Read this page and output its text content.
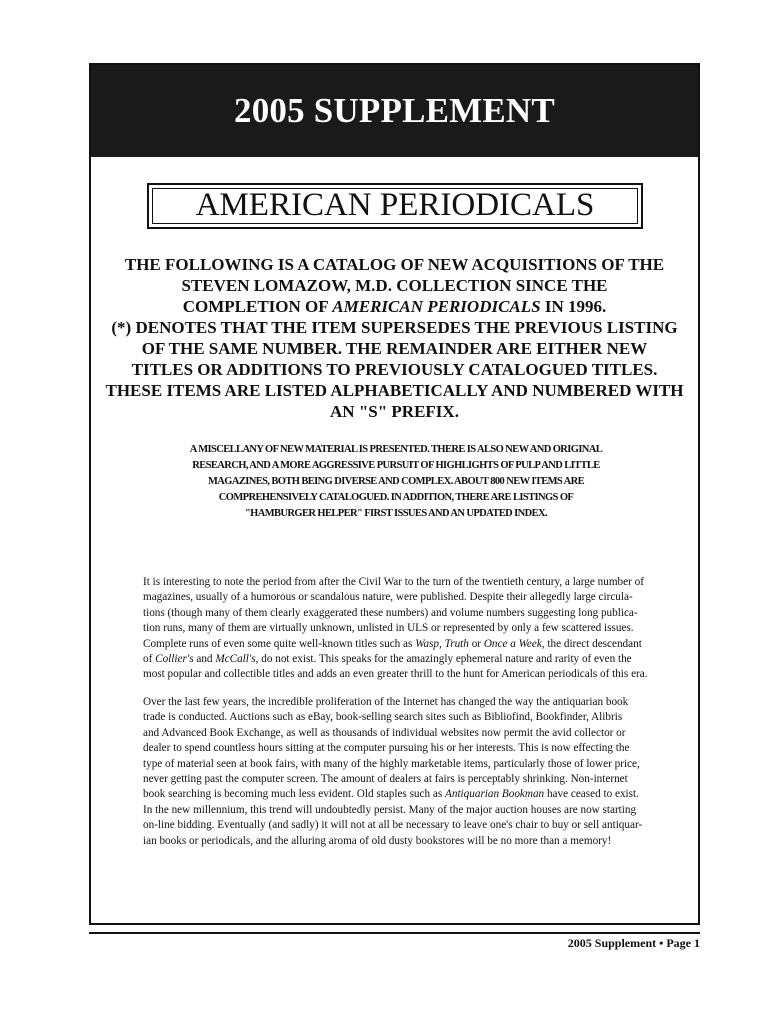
2005 SUPPLEMENT
AMERICAN PERIODICALS

THE FOLLOWING IS A CATALOG OF NEW ACQUISITIONS OF THE

STEVEN LOMAZOW, M.D. COLLECTION SINCE THE

COMPLETION OF AMERICAN PERIODICALS IN 1996.

(*) DENOTES THAT THE ITEM SUPERSEDES THE PREVIOUS LISTING

OF THE SAME NUMBER. THE REMAINDER ARE EITHER NEW

TITLES OR ADDITIONS TO PREVIOUSLY CATALOGUED TITLES.

THESE ITEMS ARE LISTED ALPHABETICALLY AND NUMBERED WITH

AN "S" PREFIX.

A MISCELLANY OF NEW MATERIAL IS PRESENTED. THERE IS ALSO NEW AND ORIGINAL
RESEARCH, AND A MORE AGGRESSIVE PURSUIT OF HIGHLIGHTS OF PULP AND LITTLE
MAGAZINES, BOTH BEING DIVERSE AND COMPLEX. ABOUT 800 NEW ITEMS ARE
COMPREHENSIVELY CATALOGUED. IN ADDITION, THERE ARE LISTINGS OF
"HAMBURGER HELPER" FIRST ISSUES AND AN UPDATED INDEX.
It is interesting to note the period from after the Civil War to the turn of the twentieth century, a large number of
magazines, usually of a humorous or scandalous nature, were published. Despite their allegedly large circula-
tions (though many of them clearly exaggerated these numbers) and volume numbers suggesting long publica-
tion runs, many of them are virtually unknown, unlisted in ULS or represented by only a few scattered issues.
Complete runs of even some quite well-known titles such as Wasp, Truth or Once a Week, the direct descendant
of Collier's and McCall's, do not exist. This speaks for the amazingly ephemeral nature and rarity of even the
most popular and collectible titles and adds an even greater thrill to the hunt for American periodicals of this era.
Over the last few years, the incredible proliferation of the Internet has changed the way the antiquarian book
trade is conducted. Auctions such as eBay, book-selling search sites such as Bibliofind, Bookfinder, Alibris
and Advanced Book Exchange, as well as thousands of individual websites now permit the avid collector or
dealer to spend countless hours sitting at the computer pursuing his or her interests. This is now effecting the
type of material seen at book fairs, with many of the highly marketable items, particularly those of lower price,
never getting past the computer screen. The amount of dealers at fairs is perceptably shrinking. Non-internet
book searching is becoming much less evident. Old staples such as Antiquarian Bookman have ceased to exist.
In the new millennium, this trend will undoubtedly persist. Many of the major auction houses are now starting
on-line bidding. Eventually (and sadly) it will not at all be necessary to leave one's chair to buy or sell antiquar-
ian books or periodicals, and the alluring aroma of old dusty bookstores will be no more than a memory!
2005 Supplement • Page 1
